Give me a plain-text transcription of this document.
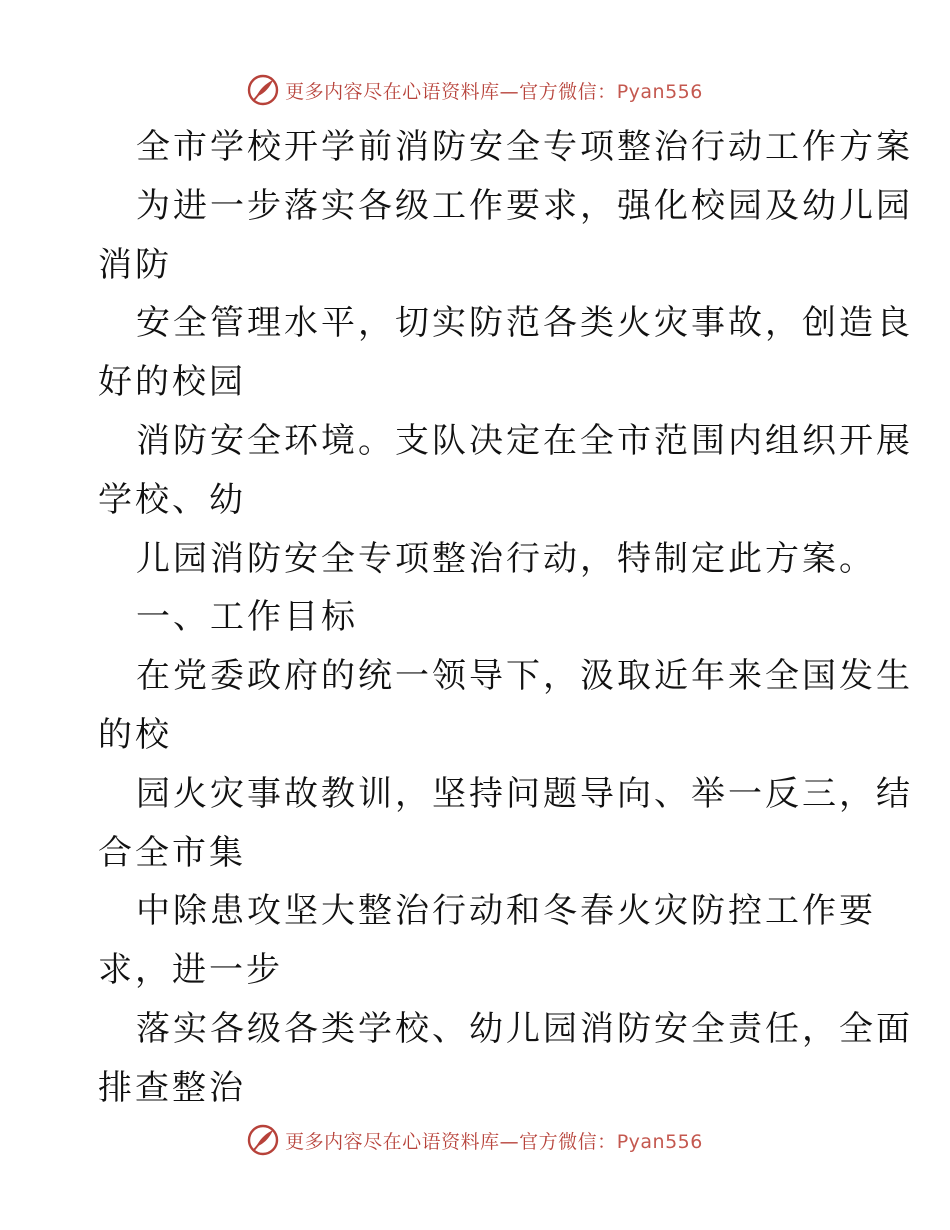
更多内容尽在心语资料库—官方微信：Pyan556
全市学校开学前消防安全专项整治行动工作方案
为进一步落实各级工作要求，强化校园及幼儿园
消防
安全管理水平，切实防范各类火灾事故，创造良
好的校园
消防安全环境。支队决定在全市范围内组织开展
学校、幼
儿园消防安全专项整治行动，特制定此方案。
一、工作目标
在党委政府的统一领导下，汲取近年来全国发生
的校
园火灾事故教训，坚持问题导向、举一反三，结
合全市集
中除患攻坚大整治行动和冬春火灾防控工作要
求，进一步
落实各级各类学校、幼儿园消防安全责任，全面
排查整治
更多内容尽在心语资料库—官方微信：Pyan556
